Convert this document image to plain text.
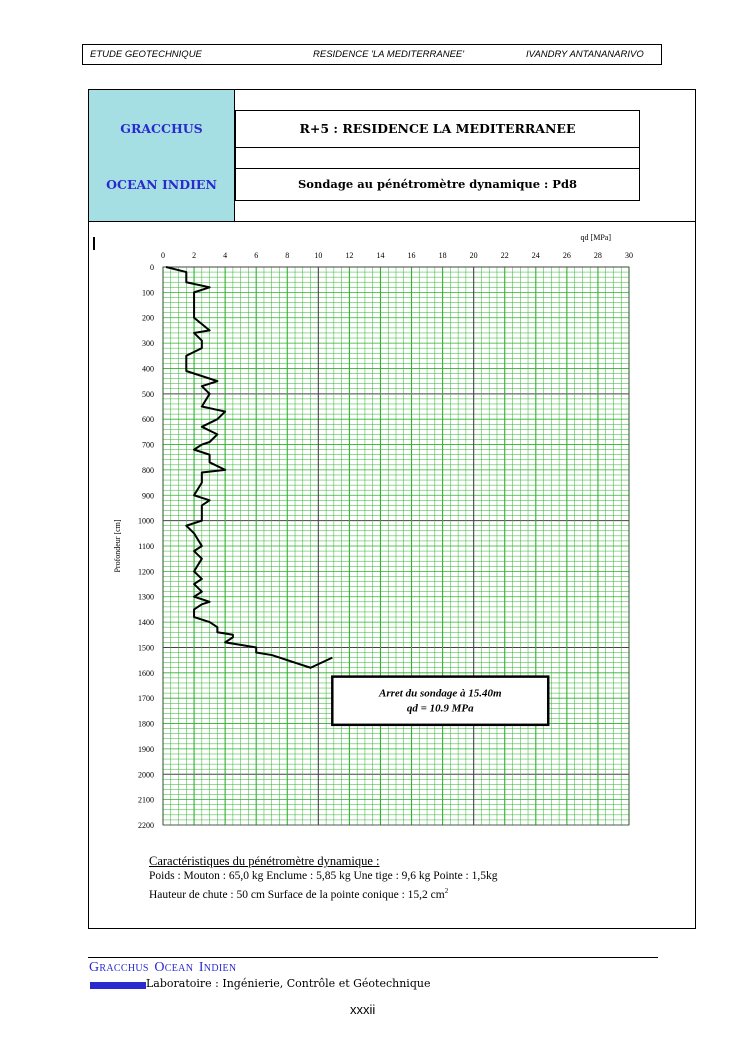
ETUDE GEOTECHNIQUE	RESIDENCE 'LA MEDITERRANEE'	IVANDRY ANTANANARIVO
GRACCHUS
OCEAN INDIEN
R+5 : RESIDENCE LA MEDITERRANEE
Sondage au pénétromètre dynamique : Pd8
0	2	4	6	8	10	12	14	16	18	20	22	24	26	28	30
0
100
200
300
400
500
600
700
800
900
1000
1100
1200
1300
1400
1500
1600
1700
1800
1900
2000
2100
2200
qd [MPa]
Profondeur [cm]
Arret du sondage à 15.40m
qd = 10.9 MPa
Caractéristiques du pénétromètre dynamique :
Poids : Mouton : 65,0 kg Enclume : 5,85 kg Une tige : 9,6 kg Pointe : 1,5kg
Hauteur de chute : 50 cm Surface de la pointe conique : 15,2 $cm^2$
GRACCHUS OCEAN INDIEN
Laboratoire : Ingénierie, Contrôle et Géotechnique
xxxii
